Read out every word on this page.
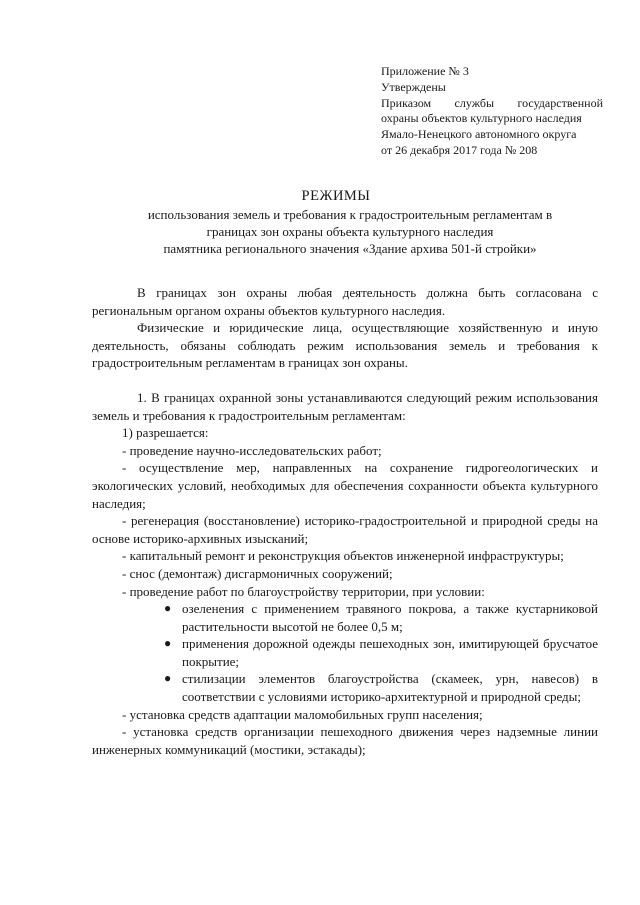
Приложение № 3
Утверждены
Приказом службы государственной
охраны объектов культурного наследия
Ямало-Ненецкого автономного округа
от 26 декабря 2017 года № 208
РЕЖИМЫ
использования земель и требования к градостроительным регламентам в
границах зон охраны объекта культурного наследия
памятника регионального значения «Здание архива 501-й стройки»

В границах зон охраны любая деятельность должна быть согласована с региональным органом охраны объектов культурного наследия.

Физические и юридические лица, осуществляющие хозяйственную и иную деятельность, обязаны соблюдать режим использования земель и требования к градостроительным регламентам в границах зон охраны.

1. В границах охранной зоны устанавливаются следующий режим использования земель и требования к градостроительным регламентам:

1) разрешается:

- проведение научно-исследовательских работ;

- осуществление мер, направленных на сохранение гидрогеологических и экологических условий, необходимых для обеспечения сохранности объекта культурного наследия;

- регенерация (восстановление) историко-градостроительной и природной среды на основе историко-архивных изысканий;

- капитальный ремонт и реконструкция объектов инженерной инфраструктуры;

- снос (демонтаж) дисгармоничных сооружений;

- проведение работ по благоустройству территории, при условии:

● озеленения с применением травяного покрова, а также кустарниковой растительности высотой не более 0,5 м;
● применения дорожной одежды пешеходных зон, имитирующей брусчатое покрытие;
● стилизации элементов благоустройства (скамеек, урн, навесов) в соответствии с условиями историко-архитектурной и природной среды;

- установка средств адаптации маломобильных групп населения;

- установка средств организации пешеходного движения через надземные линии инженерных коммуникаций (мостики, эстакады);
